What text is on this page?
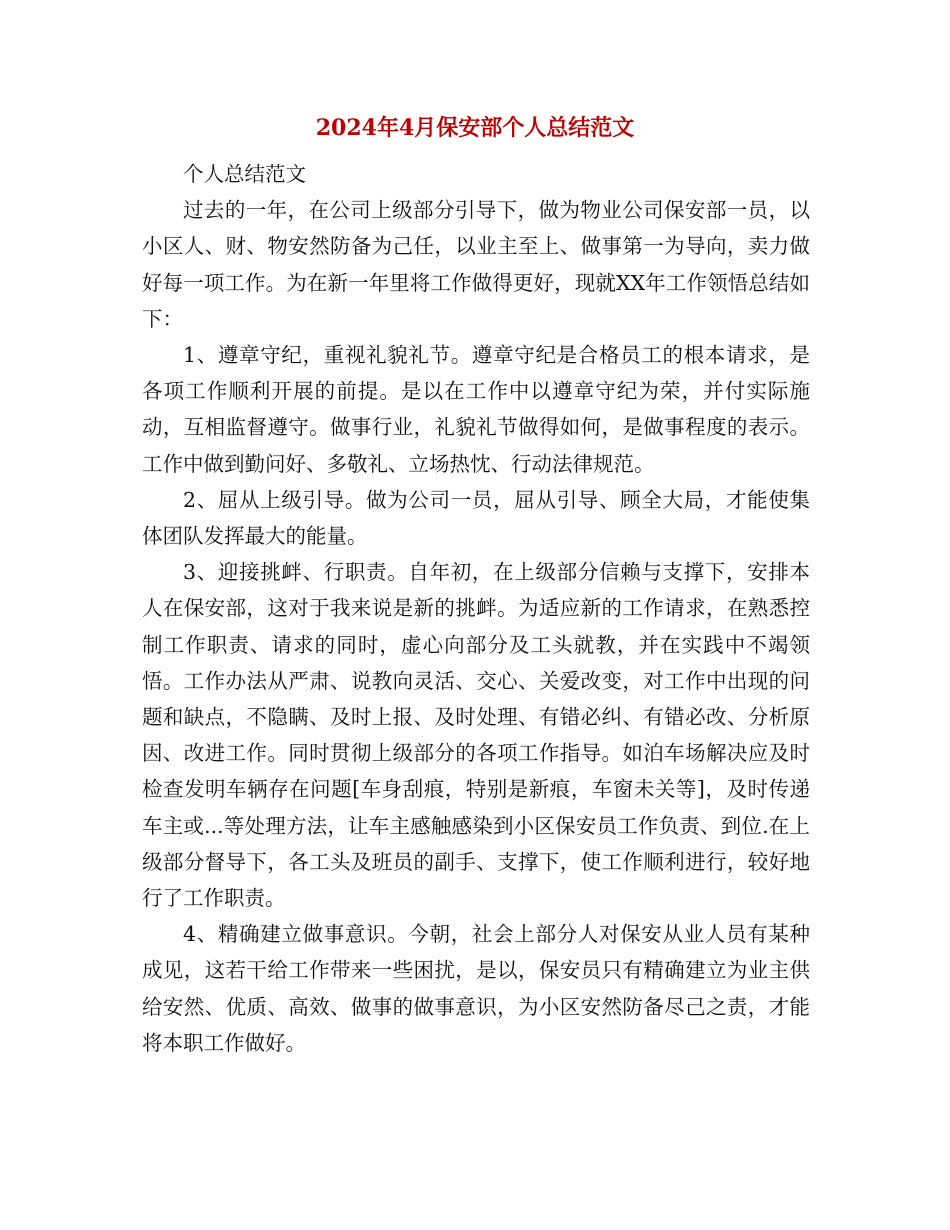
2024年4月保安部个人总结范文

个人总结范文

过去的一年，在公司上级部分引导下，做为物业公司保安部一员，以小区人、财、物安然防备为己任，以业主至上、做事第一为导向，卖力做好每一项工作。为在新一年里将工作做得更好，现就XX年工作领悟总结如下：

1、遵章守纪，重视礼貌礼节。遵章守纪是合格员工的根本请求，是各项工作顺利开展的前提。是以在工作中以遵章守纪为荣，并付实际施动，互相监督遵守。做事行业，礼貌礼节做得如何，是做事程度的表示。工作中做到勤问好、多敬礼、立场热忱、行动法律规范。

2、屈从上级引导。做为公司一员，屈从引导、顾全大局，才能使集体团队发挥最大的能量。

3、迎接挑衅、行职责。自年初，在上级部分信赖与支撑下，安排本人在保安部，这对于我来说是新的挑衅。为适应新的工作请求，在熟悉控制工作职责、请求的同时，虚心向部分及工头就教，并在实践中不竭领悟。工作办法从严肃、说教向灵活、交心、关爱改变，对工作中出现的问题和缺点，不隐瞒、及时上报、及时处理、有错必纠、有错必改、分析原因、改进工作。同时贯彻上级部分的各项工作指导。如泊车场解决应及时检查发明车辆存在问题[车身刮痕，特别是新痕，车窗未关等]，及时传递车主或...等处理方法，让车主感触感染到小区保安员工作负责、到位.在上级部分督导下，各工头及班员的副手、支撑下，使工作顺利进行，较好地行了工作职责。

4、精确建立做事意识。今朝，社会上部分人对保安从业人员有某种成见，这若干给工作带来一些困扰，是以，保安员只有精确建立为业主供给安然、优质、高效、做事的做事意识，为小区安然防备尽己之责，才能将本职工作做好。
